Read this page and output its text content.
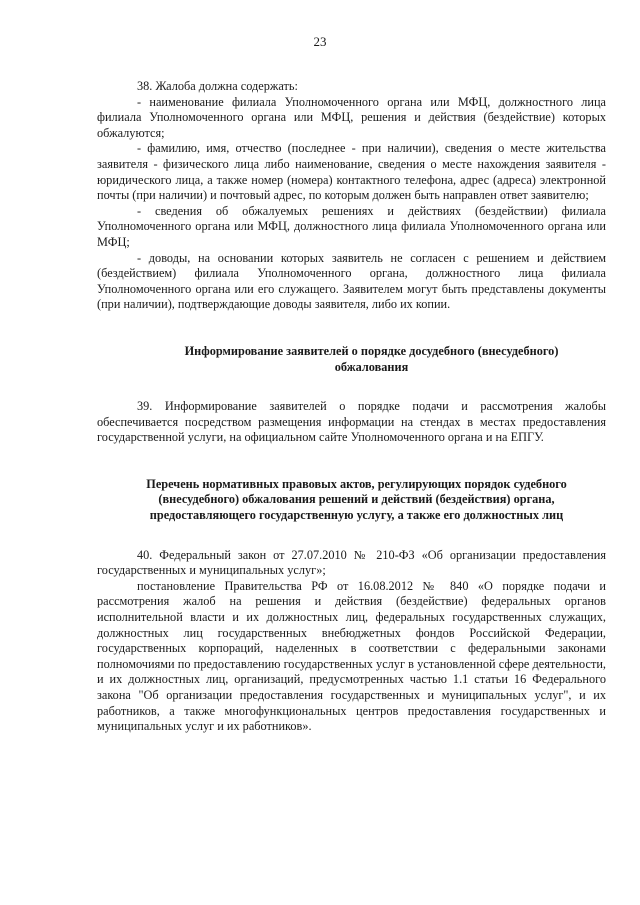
23

38. Жалоба должна содержать:

- наименование филиала Уполномоченного органа или МФЦ, должностного лица филиала Уполномоченного органа или МФЦ, решения и действия (бездействие) которых обжалуются;

- фамилию, имя, отчество (последнее - при наличии), сведения о месте жительства заявителя - физического лица либо наименование, сведения о месте нахождения заявителя - юридического лица, а также номер (номера) контактного телефона, адрес (адреса) электронной почты (при наличии) и почтовый адрес, по которым должен быть направлен ответ заявителю;

- сведения об обжалуемых решениях и действиях (бездействии) филиала Уполномоченного органа или МФЦ, должностного лица филиала Уполномоченного органа или МФЦ;

- доводы, на основании которых заявитель не согласен с решением и действием (бездействием) филиала Уполномоченного органа, должностного лица филиала Уполномоченного органа или его служащего. Заявителем могут быть представлены документы (при наличии), подтверждающие доводы заявителя, либо их копии.

Информирование заявителей о порядке досудебного (внесудебного) обжалования

39. Информирование заявителей о порядке подачи и рассмотрения жалобы обеспечивается посредством размещения информации на стендах в местах предоставления государственной услуги, на официальном сайте Уполномоченного органа и на ЕПГУ.

Перечень нормативных правовых актов, регулирующих порядок судебного (внесудебного) обжалования решений и действий (бездействия) органа, предоставляющего государственную услугу, а также его должностных лиц

40. Федеральный закон от 27.07.2010 № 210-ФЗ «Об организации предоставления государственных и муниципальных услуг»;

постановление Правительства РФ от 16.08.2012 № 840 «О порядке подачи и рассмотрения жалоб на решения и действия (бездействие) федеральных органов исполнительной власти и их должностных лиц, федеральных государственных служащих, должностных лиц государственных внебюджетных фондов Российской Федерации, государственных корпораций, наделенных в соответствии с федеральными законами полномочиями по предоставлению государственных услуг в установленной сфере деятельности, и их должностных лиц, организаций, предусмотренных частью 1.1 статьи 16 Федерального закона "Об организации предоставления государственных и муниципальных услуг", и их работников, а также многофункциональных центров предоставления государственных и муниципальных услуг и их работников».
